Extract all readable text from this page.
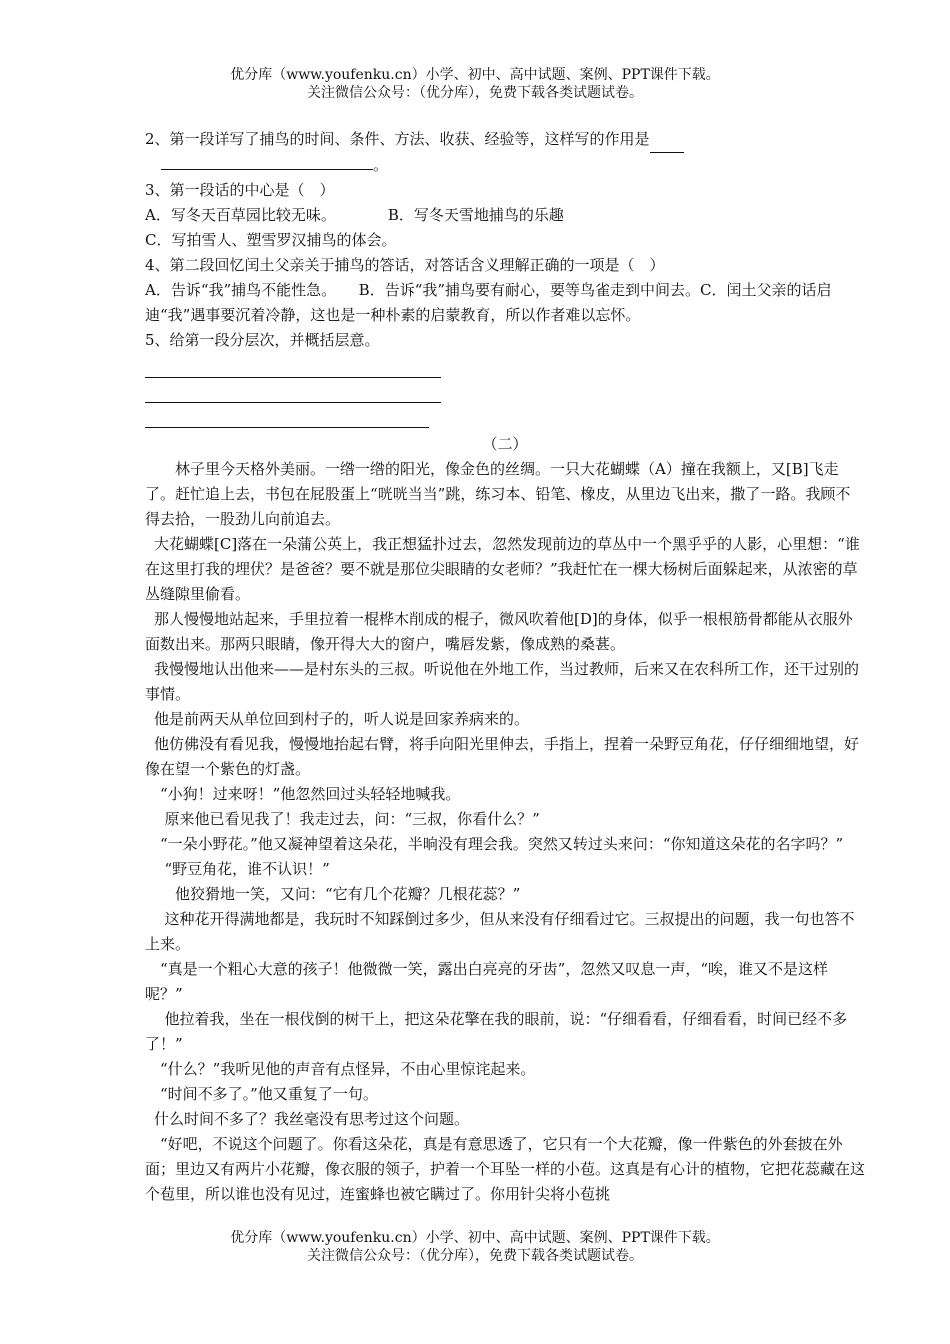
优分库（www.youfenku.cn）小学、初中、高中试题、案例、PPT课件下载。
关注微信公众号：（优分库），免费下载各类试题试卷。

2、第一段详写了捕鸟的时间、条件、方法、收获、经验等，这样写的作用是

。

3、第一段话的中心是（　）

A．写冬天百草园比较无味。	B．写冬天雪地捕鸟的乐趣

C．写拍雪人、塑雪罗汉捕鸟的体会。

4、第二段回忆闰土父亲关于捕鸟的答话，对答话含义理解正确的一项是（　）

A．告诉“我”捕鸟不能性急。　　B．告诉“我”捕鸟要有耐心，要等鸟雀走到中间去。C．闰土父亲的话启迪“我”遇事要沉着冷静，这也是一种朴素的启蒙教育，所以作者难以忘怀。

5、给第一段分层次，并概括层意。

（二）

林子里今天格外美丽。一绺一绺的阳光，像金色的丝绸。一只大花蝴蝶（A）撞在我额上，又[B]飞走了。赶忙追上去，书包在屁股蛋上“咣咣当当”跳，练习本、铅笔、橡皮，从里边飞出来，撒了一路。我顾不得去拾，一股劲儿向前追去。

大花蝴蝶[C]落在一朵蒲公英上，我正想猛扑过去，忽然发现前边的草丛中一个黑乎乎的人影，心里想：“谁在这里打我的埋伏？是爸爸？要不就是那位尖眼睛的女老师？”我赶忙在一棵大杨树后面躲起来，从浓密的草丛缝隙里偷看。

那人慢慢地站起来，手里拉着一棍桦木削成的棍子，微风吹着他[D]的身体，似乎一根根筋骨都能从衣服外面数出来。那两只眼睛，像开得大大的窗户，嘴唇发紫，像成熟的桑葚。

我慢慢地认出他来——是村东头的三叔。听说他在外地工作，当过教师，后来又在农科所工作，还干过别的事情。

他是前两天从单位回到村子的，听人说是回家养病来的。

他仿佛没有看见我，慢慢地抬起右臂，将手向阳光里伸去，手指上，捏着一朵野豆角花，仔仔细细地望，好像在望一个紫色的灯盏。

“小狗！过来呀！”他忽然回过头轻轻地喊我。

原来他已看见我了！我走过去，问：“三叔，你看什么？”

“一朵小野花。”他又凝神望着这朵花，半晌没有理会我。突然又转过头来问：“你知道这朵花的名字吗？”

“野豆角花，谁不认识！”

他狡猾地一笑，又问：“它有几个花瓣？几根花蕊？”

这种花开得满地都是，我玩时不知踩倒过多少，但从来没有仔细看过它。三叔提出的问题，我一句也答不上来。

“真是一个粗心大意的孩子！他微微一笑，露出白亮亮的牙齿”，忽然又叹息一声，“唉，谁又不是这样呢？”

他拉着我，坐在一根伐倒的树干上，把这朵花擎在我的眼前，说：“仔细看看，仔细看看，时间已经不多了！”

“什么？”我听见他的声音有点怪异，不由心里惊诧起来。

“时间不多了。”他又重复了一句。

什么时间不多了？我丝毫没有思考过这个问题。

“好吧，不说这个问题了。你看这朵花，真是有意思透了，它只有一个大花瓣，像一件紫色的外套披在外面；里边又有两片小花瓣，像衣服的领子，护着一个耳坠一样的小苞。这真是有心计的植物，它把花蕊藏在这个苞里，所以谁也没有见过，连蜜蜂也被它瞒过了。你用针尖将小苞挑

优分库（www.youfenku.cn）小学、初中、高中试题、案例、PPT课件下载。
关注微信公众号：（优分库），免费下载各类试题试卷。
